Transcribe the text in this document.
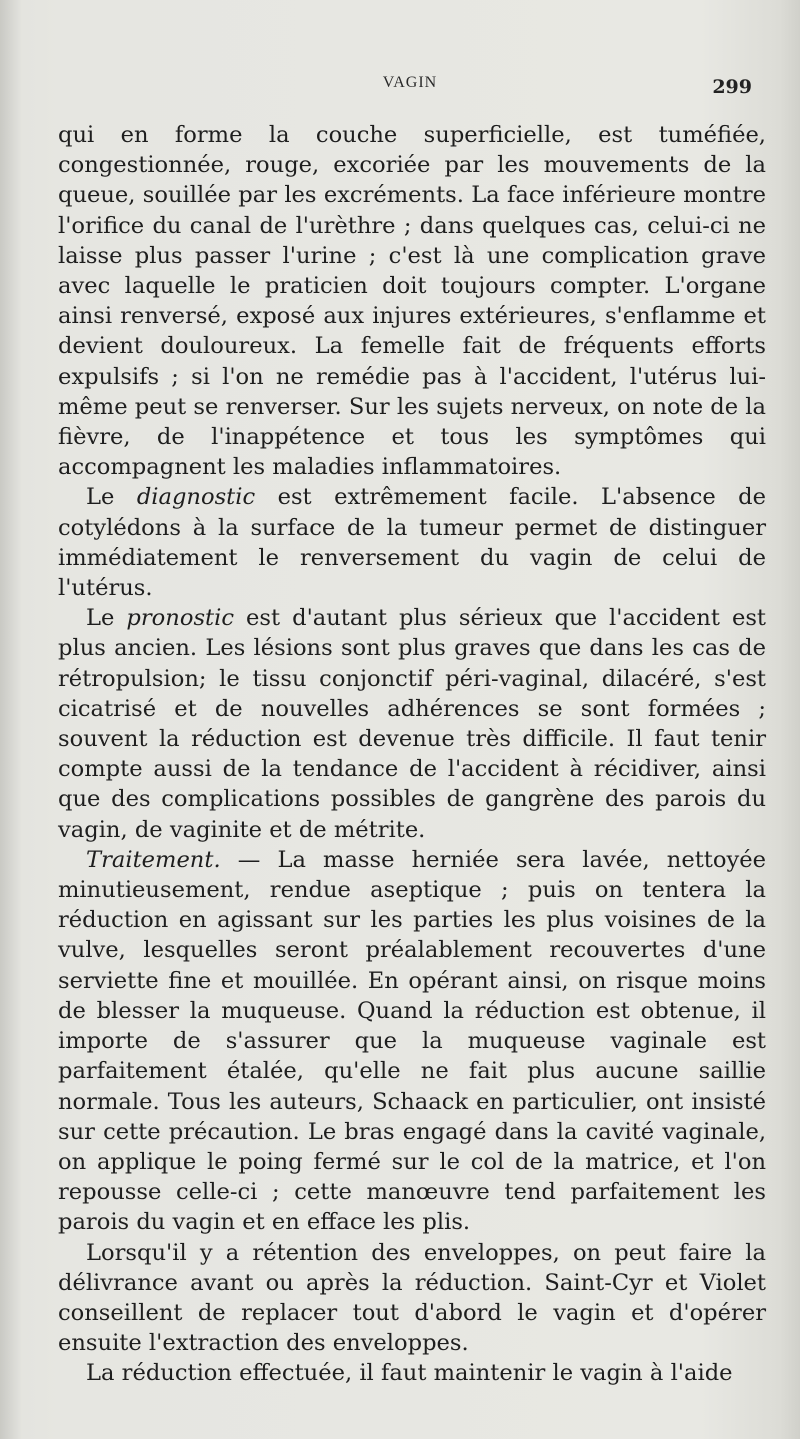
VAGIN	299

qui en forme la couche superficielle, est tuméfiée, congestionnée, rouge, excoriée par les mouvements de la queue, souillée par les excréments. La face inférieure montre l'orifice du canal de l'urèthre ; dans quelques cas, celui-ci ne laisse plus passer l'urine ; c'est là une complication grave avec laquelle le praticien doit toujours compter. L'organe ainsi renversé, exposé aux injures extérieures, s'enflamme et devient douloureux. La femelle fait de fréquents efforts expulsifs ; si l'on ne remédie pas à l'accident, l'utérus lui-même peut se renverser. Sur les sujets nerveux, on note de la fièvre, de l'inappétence et tous les symptômes qui accompagnent les maladies inflammatoires.

Le diagnostic est extrêmement facile. L'absence de cotylédons à la surface de la tumeur permet de distinguer immédiatement le renversement du vagin de celui de l'utérus.

Le pronostic est d'autant plus sérieux que l'accident est plus ancien. Les lésions sont plus graves que dans les cas de rétropulsion; le tissu conjonctif péri-vaginal, dilacéré, s'est cicatrisé et de nouvelles adhérences se sont formées ; souvent la réduction est devenue très difficile. Il faut tenir compte aussi de la tendance de l'accident à récidiver, ainsi que des complications possibles de gangrène des parois du vagin, de vaginite et de métrite.

Traitement. — La masse herniée sera lavée, nettoyée minutieusement, rendue aseptique ; puis on tentera la réduction en agissant sur les parties les plus voisines de la vulve, lesquelles seront préalablement recouvertes d'une serviette fine et mouillée. En opérant ainsi, on risque moins de blesser la muqueuse. Quand la réduction est obtenue, il importe de s'assurer que la muqueuse vaginale est parfaitement étalée, qu'elle ne fait plus aucune saillie normale. Tous les auteurs, Schaack en particulier, ont insisté sur cette précaution. Le bras engagé dans la cavité vaginale, on applique le poing fermé sur le col de la matrice, et l'on repousse celle-ci ; cette manœuvre tend parfaitement les parois du vagin et en efface les plis.

Lorsqu'il y a rétention des enveloppes, on peut faire la délivrance avant ou après la réduction. Saint-Cyr et Violet conseillent de replacer tout d'abord le vagin et d'opérer ensuite l'extraction des enveloppes.

La réduction effectuée, il faut maintenir le vagin à l'aide
